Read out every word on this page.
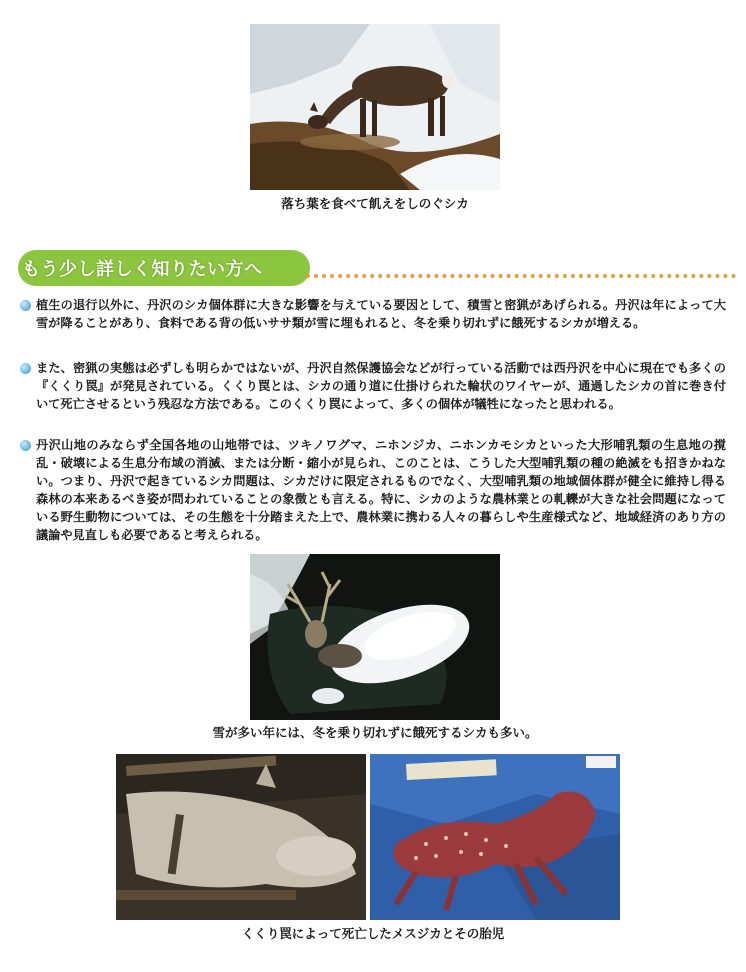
落ち葉を食べて飢えをしのぐシカ
もう少し詳しく知りたい方へ
植生の退行以外に、丹沢のシカ個体群に大きな影響を与えている要因として、積雪と密猟があげられる。丹沢は年によって大雪が降ることがあり、食料である背の低いササ類が雪に埋もれると、冬を乗り切れずに餓死するシカが増える。
また、密猟の実態は必ずしも明らかではないが、丹沢自然保護協会などが行っている活動では西丹沢を中心に現在でも多くの『くくり罠』が発見されている。くくり罠とは、シカの通り道に仕掛けられた輪状のワイヤーが、通過したシカの首に巻き付いて死亡させるという残忍な方法である。このくくり罠によって、多くの個体が犠牲になったと思われる。
丹沢山地のみならず全国各地の山地帯では、ツキノワグマ、ニホンジカ、ニホンカモシカといった大形哺乳類の生息地の撹乱・破壊による生息分布域の消滅、または分断・縮小が見られ、このことは、こうした大型哺乳類の種の絶滅をも招きかねない。つまり、丹沢で起きているシカ問題は、シカだけに限定されるものでなく、大型哺乳類の地域個体群が健全に維持し得る森林の本来あるべき姿が問われていることの象徴とも言える。特に、シカのような農林業との軋轢が大きな社会問題になっている野生動物については、その生態を十分踏まえた上で、農林業に携わる人々の暮らしや生産様式など、地域経済のあり方の議論や見直しも必要であると考えられる。
雪が多い年には、冬を乗り切れずに餓死するシカも多い。
くくり罠によって死亡したメスジカとその胎児
